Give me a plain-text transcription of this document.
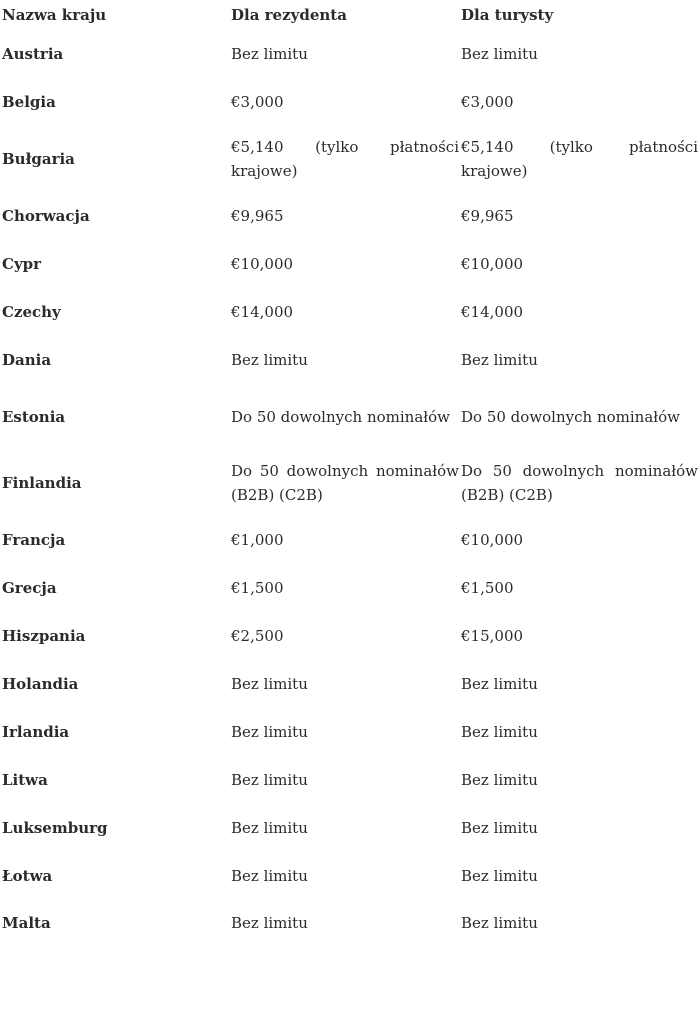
Nazwa kraju	Dla rezydenta	Dla turysty
Austria	Bez limitu	Bez limitu
Belgia	€3,000	€3,000
Bułgaria	€5,140 (tylko płatności krajowe)	€5,140 (tylko płatności krajowe)
Chorwacja	€9,965	€9,965
Cypr	€10,000	€10,000
Czechy	€14,000	€14,000
Dania	Bez limitu	Bez limitu
Estonia	Do 50 dowolnych nominałów	Do 50 dowolnych nominałów
Finlandia	Do 50 dowolnych nominałów (B2B) (C2B)	Do 50 dowolnych nominałów (B2B) (C2B)
Francja	€1,000	€10,000
Grecja	€1,500	€1,500
Hiszpania	€2,500	€15,000
Holandia	Bez limitu	Bez limitu
Irlandia	Bez limitu	Bez limitu
Litwa	Bez limitu	Bez limitu
Luksemburg	Bez limitu	Bez limitu
Łotwa	Bez limitu	Bez limitu
Malta	Bez limitu	Bez limitu
